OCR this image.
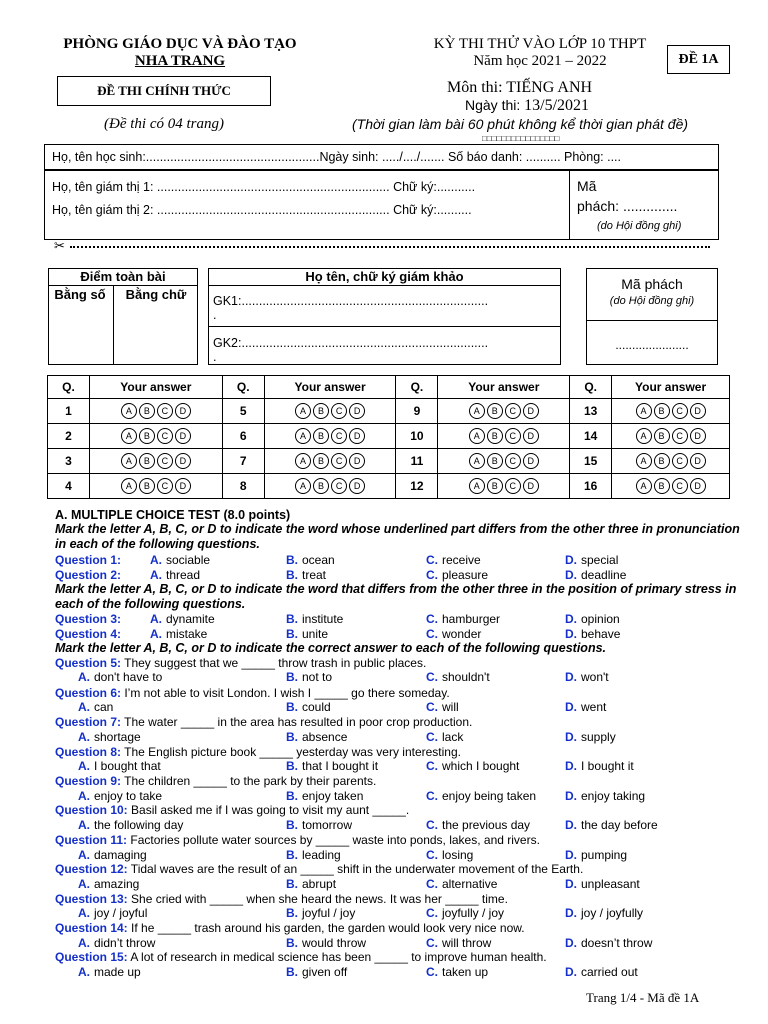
PHÒNG GIÁO DỤC VÀ ĐÀO TẠO
NHA TRANG
KỲ THI THỬ VÀO LỚP 10 THPT
Năm học 2021 – 2022	ĐỀ 1A
ĐỀ THI CHÍNH THỨC
(Đề thi có 04 trang)
Môn thi: TIẾNG ANH
Ngày thi: 13/5/2021
(Thời gian làm bài 60 phút không kể thời gian phát đề)
□□□□□□□□□□□□□□□□
Họ, tên học sinh:..................................................Ngày sinh: ...../..../....... Số báo danh: .......... Phòng: ....
Họ, tên giám thị 1: ................................................................... Chữ ký:...........
Họ, tên giám thị 2: ................................................................... Chữ ký:..........
Mã
phách: ..............
(do Hội đồng ghi)
✂
Điểm toàn bài
Bằng số	Bằng chữ
Họ tên, chữ ký giám khảo
GK1:.......................................................................
.
GK2:.......................................................................
.
Mã phách
(do Hội đồng ghi)
......................
Q.	Your answer	Q.	Your answer	Q.	Your answer	Q.	Your answer
1	A B C D	5	A B C D	9	A B C D	13	A B C D
2	A B C D	6	A B C D	10	A B C D	14	A B C D
3	A B C D	7	A B C D	11	A B C D	15	A B C D
4	A B C D	8	A B C D	12	A B C D	16	A B C D
A. MULTIPLE CHOICE TEST (8.0 points)
Mark the letter A, B, C, or D to indicate the word whose underlined part differs from the other three in pronunciation in each of the following questions.
Question 1: A. sociable	B. ocean	C. receive	D. special
Question 2: A. thread	B. treat	C. pleasure	D. deadline
Question 3: A. dynamite	B. institute	C. hamburger	D. opinion
Question 4: A. mistake	B. unite	C. wonder	D. behave
Question 5: They suggest that we _____ throw trash in public places.
A. don't have to	B. not to	C. shouldn't	D. won't
Question 6: I’m not able to visit London. I wish I _____ go there someday.
A. can	B. could	C. will	D. went
Question 7: The water _____ in the area has resulted in poor crop production.
A. shortage	B. absence	C. lack	D. supply
Question 8: The English picture book _____ yesterday was very interesting.
A. I bought that	B. that I bought it	C. which I bought	D. I bought it
Question 9: The children _____ to the park by their parents.
A. enjoy to take	B. enjoy taken	C. enjoy being taken D. enjoy taking
Question 10: Basil asked me if I was going to visit my aunt _____.
A. the following day	B. tomorrow	C. the previous day	D. the day before
Question 11: Factories pollute water sources by _____ waste into ponds, lakes, and rivers.
A. damaging	B. leading	C. losing	D. pumping
Question 12: Tidal waves are the result of an _____ shift in the underwater movement of the Earth.
A. amazing	B. abrupt	C. alternative	D. unpleasant
Question 13: She cried with _____ when she heard the news. It was her _____ time.
A. joy / joyful	B. joyful / joy	C. joyfully / joy	D. joy / joyfully
Question 14: If he _____ trash around his garden, the garden would look very nice now.
A. didn’t throw	B. would throw	C. will throw	D. doesn’t throw
Question 15: A lot of research in medical science has been _____ to improve human health.
A. made up	B. given off	C. taken up	D. carried out
Mark the letter A, B, C, or D to indicate the word that differs from the other three in the position of primary stress in each of the following questions.
Mark the letter A, B, C, or D to indicate the correct answer to each of the following questions.
Trang 1/4 - Mã đề 1A
